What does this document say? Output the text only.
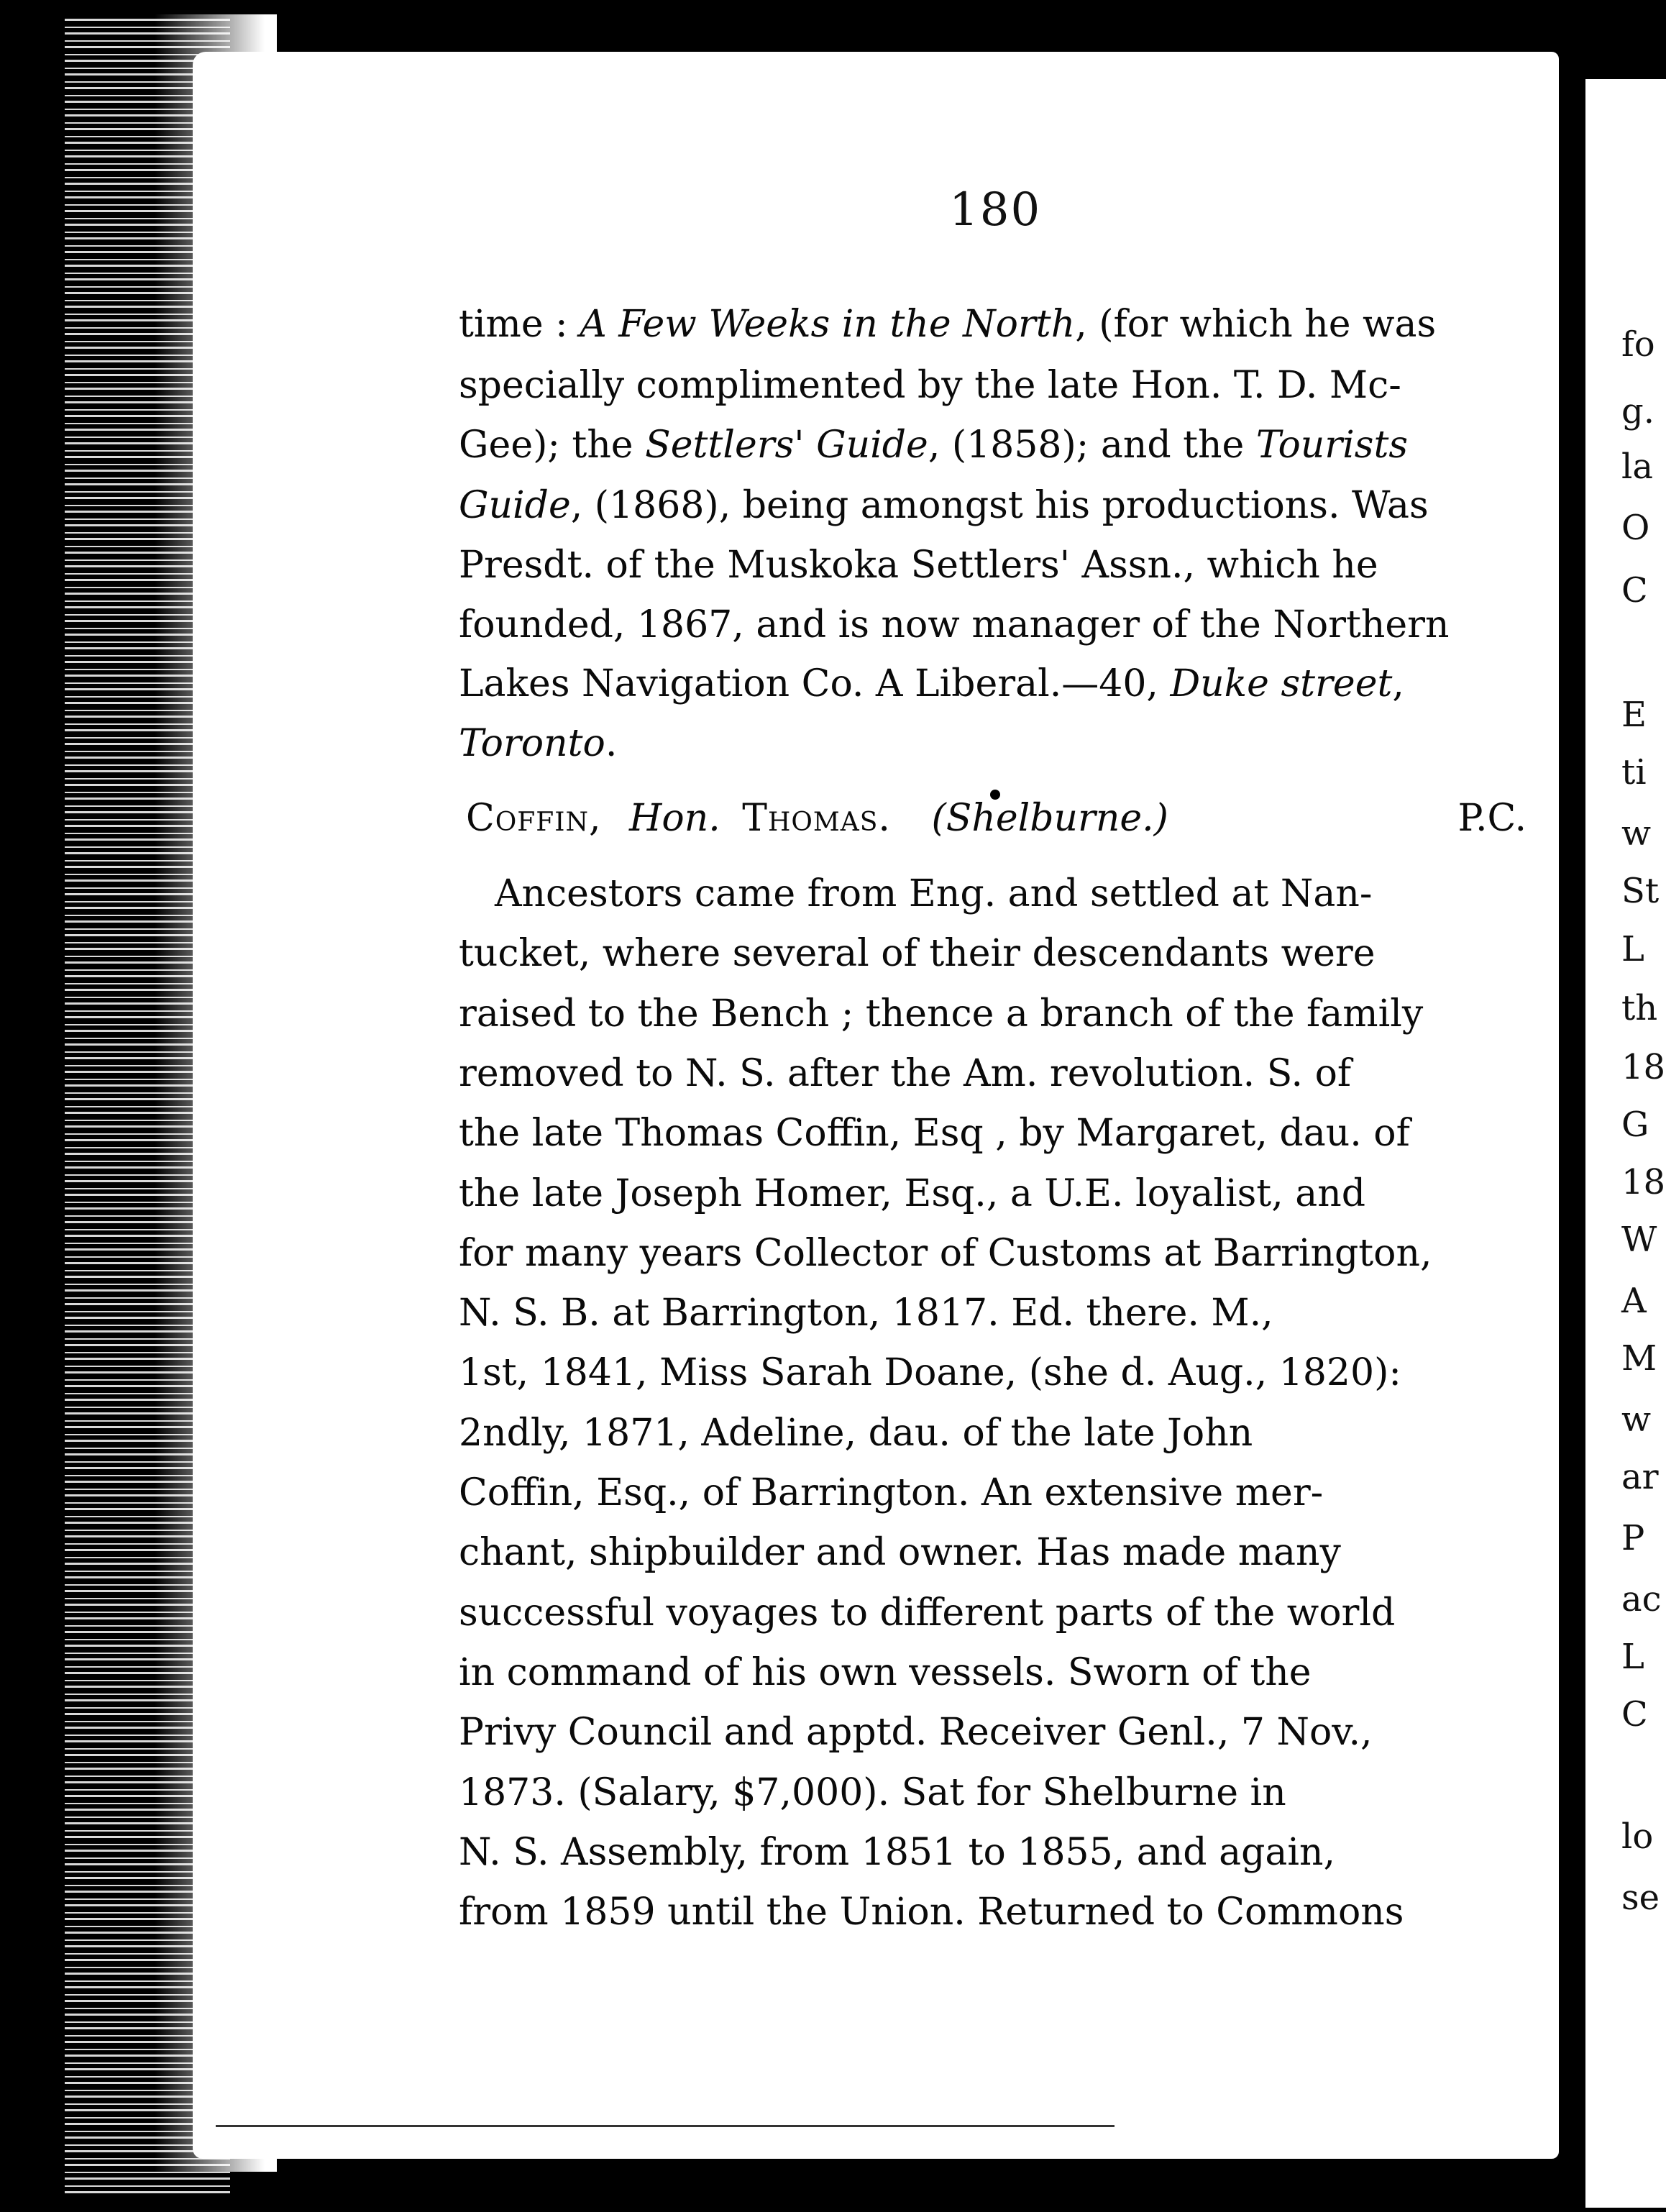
fo
g.
la
O
C
E
ti
w
St
L
th
18
G
18
W
A
M
w
ar
P
ac
L
C
lo
se
180
time : A Few Weeks in the North, (for which he was
specially complimented by the late Hon. T. D. Mc-
Gee); the Settlers' Guide, (1858); and the Tourists
Guide, (1868), being amongst his productions. Was
Presdt. of the Muskoka Settlers' Assn., which he
founded, 1867, and is now manager of the Northern
Lakes Navigation Co. A Liberal.—40, Duke street,
Toronto.
Coffin, Hon. Thomas. (Shelburne.)	P.C.
Ancestors came from Eng. and settled at Nan-
tucket, where several of their descendants were
raised to the Bench ; thence a branch of the family
removed to N. S. after the Am. revolution. S. of
the late Thomas Coffin, Esq , by Margaret, dau. of
the late Joseph Homer, Esq., a U.E. loyalist, and
for many years Collector of Customs at Barrington,
N. S. B. at Barrington, 1817. Ed. there. M.,
1st, 1841, Miss Sarah Doane, (she d. Aug., 1820):
2ndly, 1871, Adeline, dau. of the late John
Coffin, Esq., of Barrington. An extensive mer-
chant, shipbuilder and owner. Has made many
successful voyages to different parts of the world
in command of his own vessels. Sworn of the
Privy Council and apptd. Receiver Genl., 7 Nov.,
1873. (Salary, $7,000). Sat for Shelburne in
N. S. Assembly, from 1851 to 1855, and again,
from 1859 until the Union. Returned to Commons
